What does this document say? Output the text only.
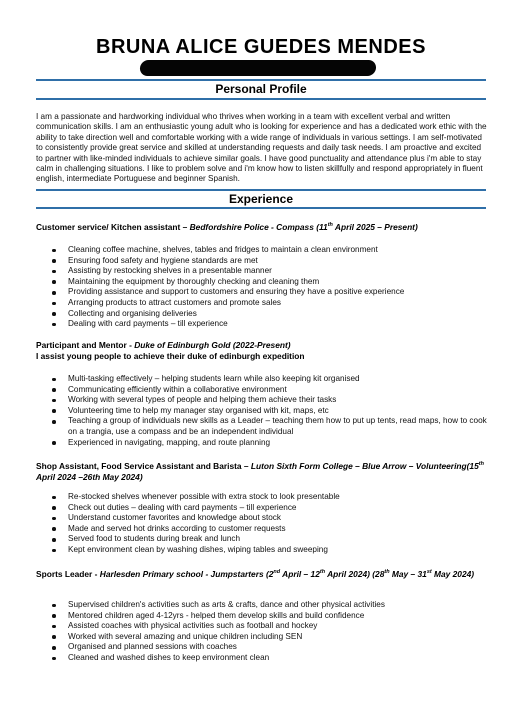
BRUNA ALICE GUEDES MENDES
Personal Profile
I am a passionate and hardworking individual who thrives when working in a team with excellent verbal and written communication skills. I am an enthusiastic young adult who is looking for experience and has a dedicated work ethic with the ability to take direction well and comfortable working with a wide range of individuals in various settings. I am self-motivated to consistently provide great service and skilled at understanding requests and daily task needs. I am proactive and excited to partner with like-minded individuals to achieve similar goals. I have good punctuality and attendance plus i'm able to stay calm in challenging situations. I like to problem solve and i'm know how to listen skillfully and respond appropriately in fluent english, intermediate Portuguese and beginner Spanish.
Experience
Customer service/ Kitchen assistant – Bedfordshire Police - Compass (11th April 2025 – Present)
Cleaning coffee machine, shelves, tables and fridges to maintain a clean environment
Ensuring food safety and hygiene standards are met
Assisting by restocking shelves in a presentable manner
Maintaining the equipment by thoroughly checking and cleaning them
Providing assistance and support to customers and ensuring they have a positive experience
Arranging products to attract customers and promote sales
Collecting and organising deliveries
Dealing with card payments – till experience
Participant and Mentor - Duke of Edinburgh Gold (2022-Present)
I assist young people to achieve their duke of edinburgh expedition
Multi-tasking effectively – helping students learn while also keeping kit organised
Communicating efficiently within a collaborative environment
Working with several types of people and helping them achieve their tasks
Volunteering time to help my manager stay organised with kit, maps, etc
Teaching a group of individuals new skills as a Leader – teaching them how to put up tents, read maps, how to cook on a trangia, use a compass and be an independent individual
Experienced in navigating, mapping, and route planning
Shop Assistant, Food Service Assistant and Barista – Luton Sixth Form College – Blue Arrow – Volunteering(15th April 2024 –26th May 2024)
Re-stocked shelves whenever possible with extra stock to look presentable
Check out duties – dealing with card payments – till experience
Understand customer favorites and knowledge about stock
Made and served hot drinks according to customer requests
Served food to students during break and lunch
Kept environment clean by washing dishes, wiping tables and sweeping
Sports Leader - Harlesden Primary school - Jumpstarters (2nd April – 12th April 2024) (28th May – 31st May 2024)
Supervised children's activities such as arts & crafts, dance and other physical activities
Mentored children aged 4-12yrs - helped them develop skills and build confidence
Assisted coaches with physical activities such as football and hockey
Worked with several amazing and unique children including SEN
Organised and planned sessions with coaches
Cleaned and washed dishes to keep environment clean
